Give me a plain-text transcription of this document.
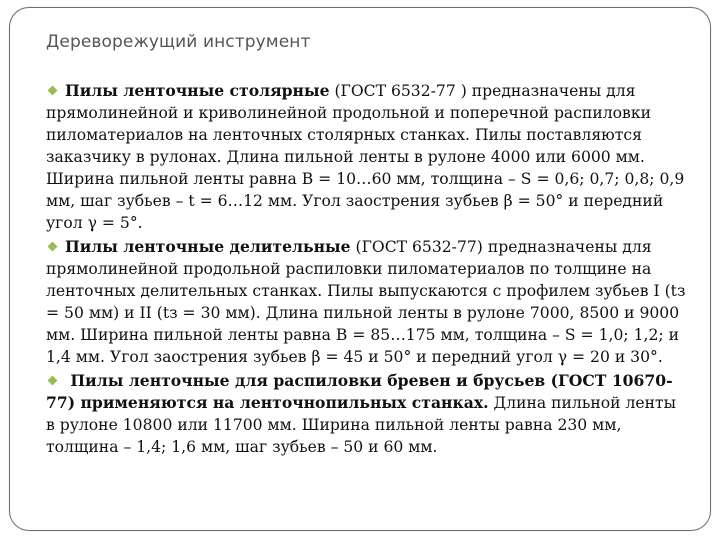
Дереворежущий инструмент

Пилы ленточные столярные (ГОСТ 6532-77 ) предназначены для прямолинейной и криволинейной продольной и поперечной распиловки пиломатериалов на ленточных столярных станках. Пилы поставляются заказчику в рулонах. Длина пильной ленты в рулоне 4000 или 6000 мм. Ширина пильной ленты равна В = 10…60 мм, толщина – S = 0,6; 0,7; 0,8; 0,9 мм, шаг зубьев – t = 6…12 мм. Угол заострения зубьев β = 50° и передний угол γ = 5°.

Пилы ленточные делительные (ГОСТ 6532-77) предназначены для прямолинейной продольной распиловки пиломатериалов по толщине на ленточных делительных станках. Пилы выпускаются с профилем зубьев I (tз = 50 мм) и II (tз = 30 мм). Длина пильной ленты в рулоне 7000, 8500 и 9000 мм. Ширина пильной ленты равна В = 85…175 мм, толщина – S = 1,0; 1,2; и 1,4 мм. Угол заострения зубьев β = 45 и 50° и передний угол γ = 20 и 30°.

Пилы ленточные для распиловки бревен и брусьев (ГОСТ 10670-77) применяются на ленточнопильных станках. Длина пильной ленты в рулоне 10800 или 11700 мм. Ширина пильной ленты равна 230 мм, толщина – 1,4; 1,6 мм, шаг зубьев – 50 и 60 мм.
